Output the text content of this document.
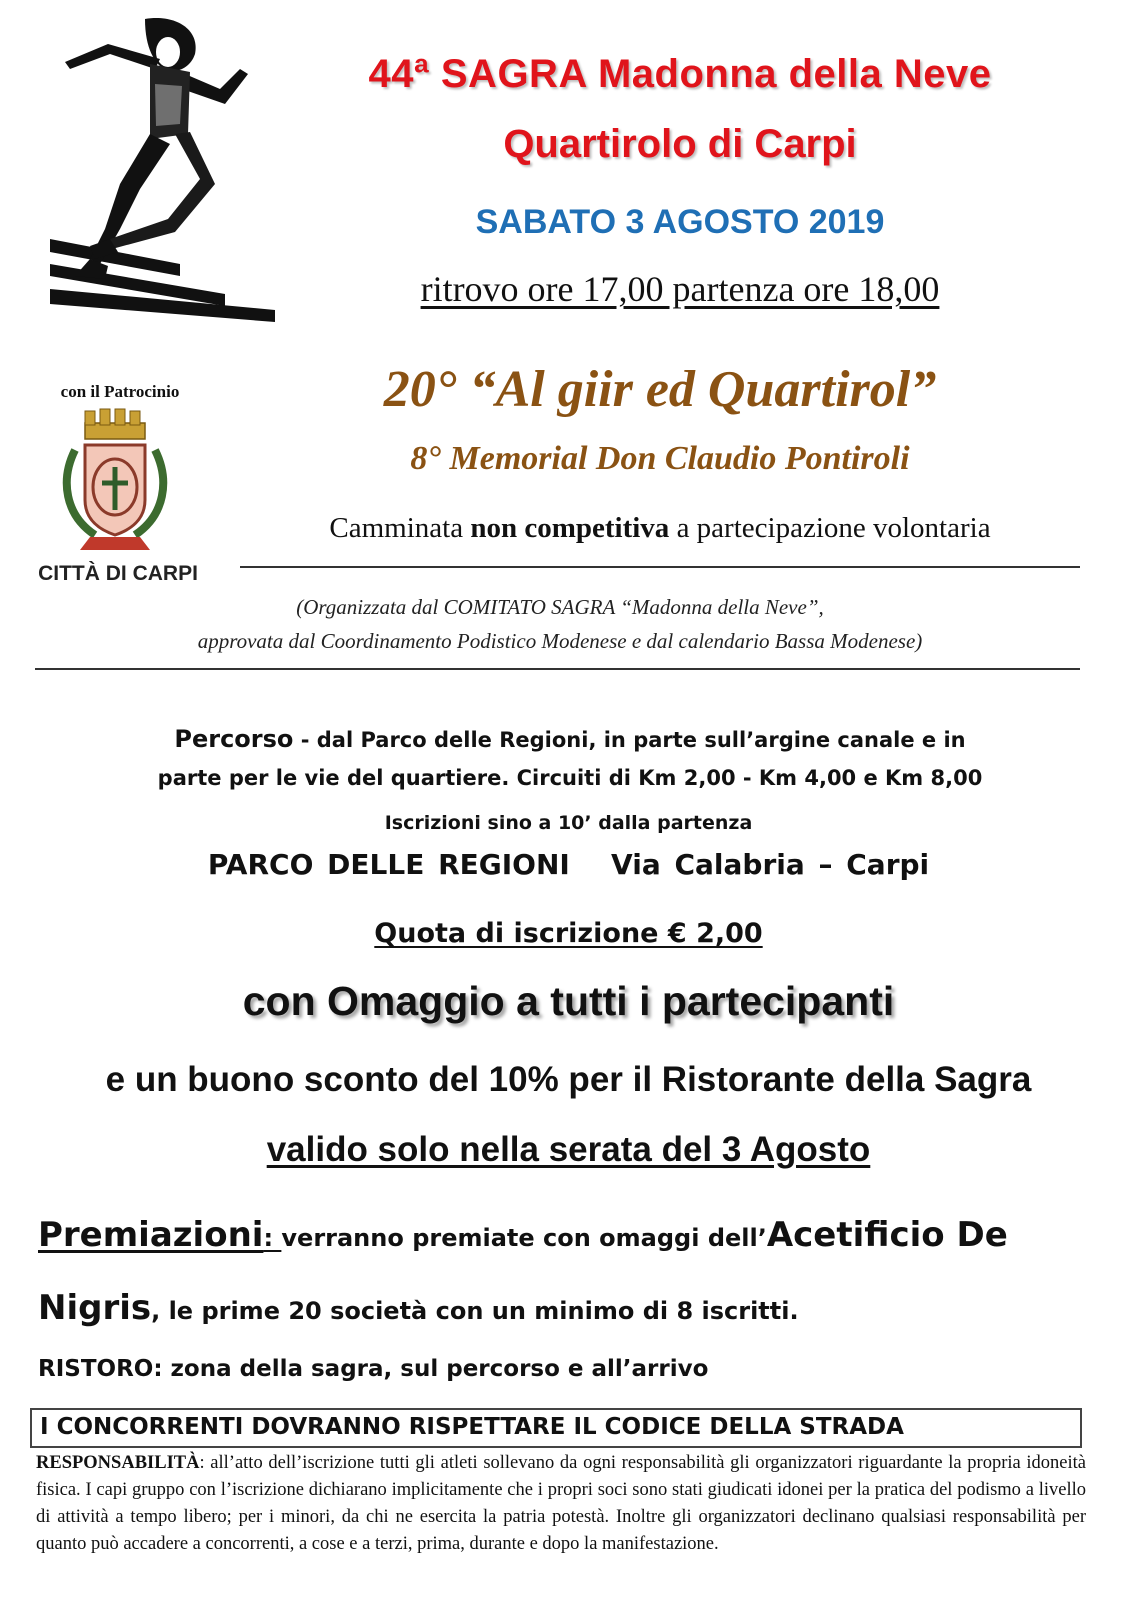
44ª SAGRA Madonna della Neve
Quartirolo di Carpi
SABATO 3 AGOSTO 2019
ritrovo ore 17,00 partenza ore 18,00
con il Patrocinio
CITTÀ DI CARPI
20° “Al giir ed Quartirol”
8° Memorial Don Claudio Pontiroli
Camminata non competitiva a partecipazione volontaria
(Organizzata dal COMITATO SAGRA “Madonna della Neve”,
approvata dal Coordinamento Podistico Modenese e dal calendario Bassa Modenese)
Percorso - dal Parco delle Regioni, in parte sull’argine canale e in
parte per le vie del quartiere. Circuiti di Km 2,00 - Km 4,00 e Km 8,00
Iscrizioni sino a 10’ dalla partenza
PARCO DELLE REGIONI   Via Calabria – Carpi
Quota di iscrizione € 2,00
con Omaggio a tutti i partecipanti
e un buono sconto del 10% per il Ristorante della Sagra
valido solo nella serata del 3 Agosto
Premiazioni: verranno premiate con omaggi dell’Acetificio De
Nigris, le prime 20 società con un minimo di 8 iscritti.
RISTORO: zona della sagra, sul percorso e all’arrivo
I CONCORRENTI DOVRANNO RISPETTARE IL CODICE DELLA STRADA
RESPONSABILITÀ: all’atto dell’iscrizione tutti gli atleti sollevano da ogni responsabilità gli organizzatori riguardante la propria idoneità fisica. I capi gruppo con l’iscrizione dichiarano implicitamente che i propri soci sono stati giudicati idonei per la pratica del podismo a livello di attività a tempo libero; per i minori, da chi ne esercita la patria potestà. Inoltre gli organizzatori declinano qualsiasi responsabilità per quanto può accadere a concorrenti, a cose e a terzi, prima, durante e dopo la manifestazione.
